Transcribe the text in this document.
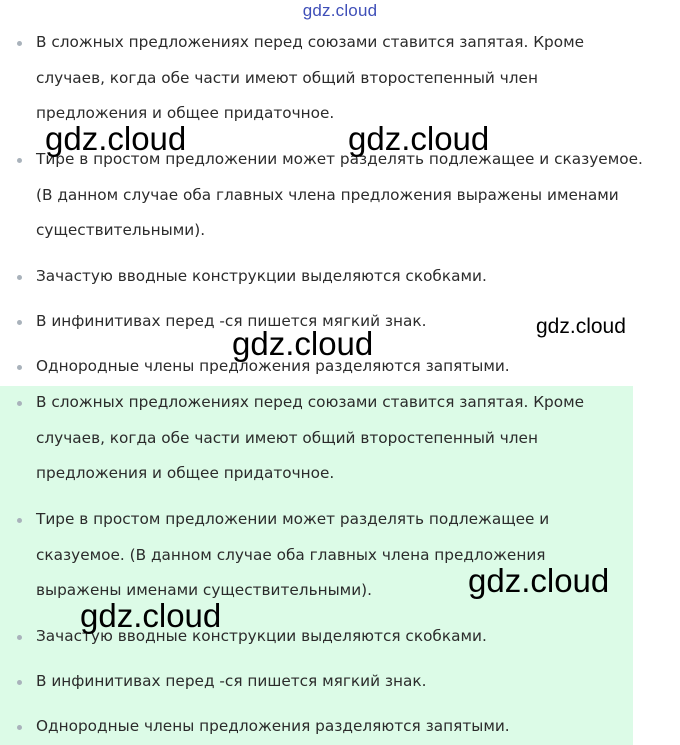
gdz.cloud
В сложных предложениях перед союзами ставится запятая. Кроме случаев, когда обе части имеют общий второстепенный член предложения и общее придаточное.
Тире в простом предложении может разделять подлежащее и сказуемое. (В данном случае оба главных члена предложения выражены именами существительными).
Зачастую вводные конструкции выделяются скобками.
В инфинитивах перед -ся пишется мягкий знак.
Однородные члены предложения разделяются запятыми.
В сложных предложениях перед союзами ставится запятая. Кроме случаев, когда обе части имеют общий второстепенный член предложения и общее придаточное.
Тире в простом предложении может разделять подлежащее и сказуемое. (В данном случае оба главных члена предложения выражены именами существительными).
Зачастую вводные конструкции выделяются скобками.
В инфинитивах перед -ся пишется мягкий знак.
Однородные члены предложения разделяются запятыми.
gdz.cloud	gdz.cloud
gdz.cloud
gdz.cloud
gdz.cloud
gdz.cloud
